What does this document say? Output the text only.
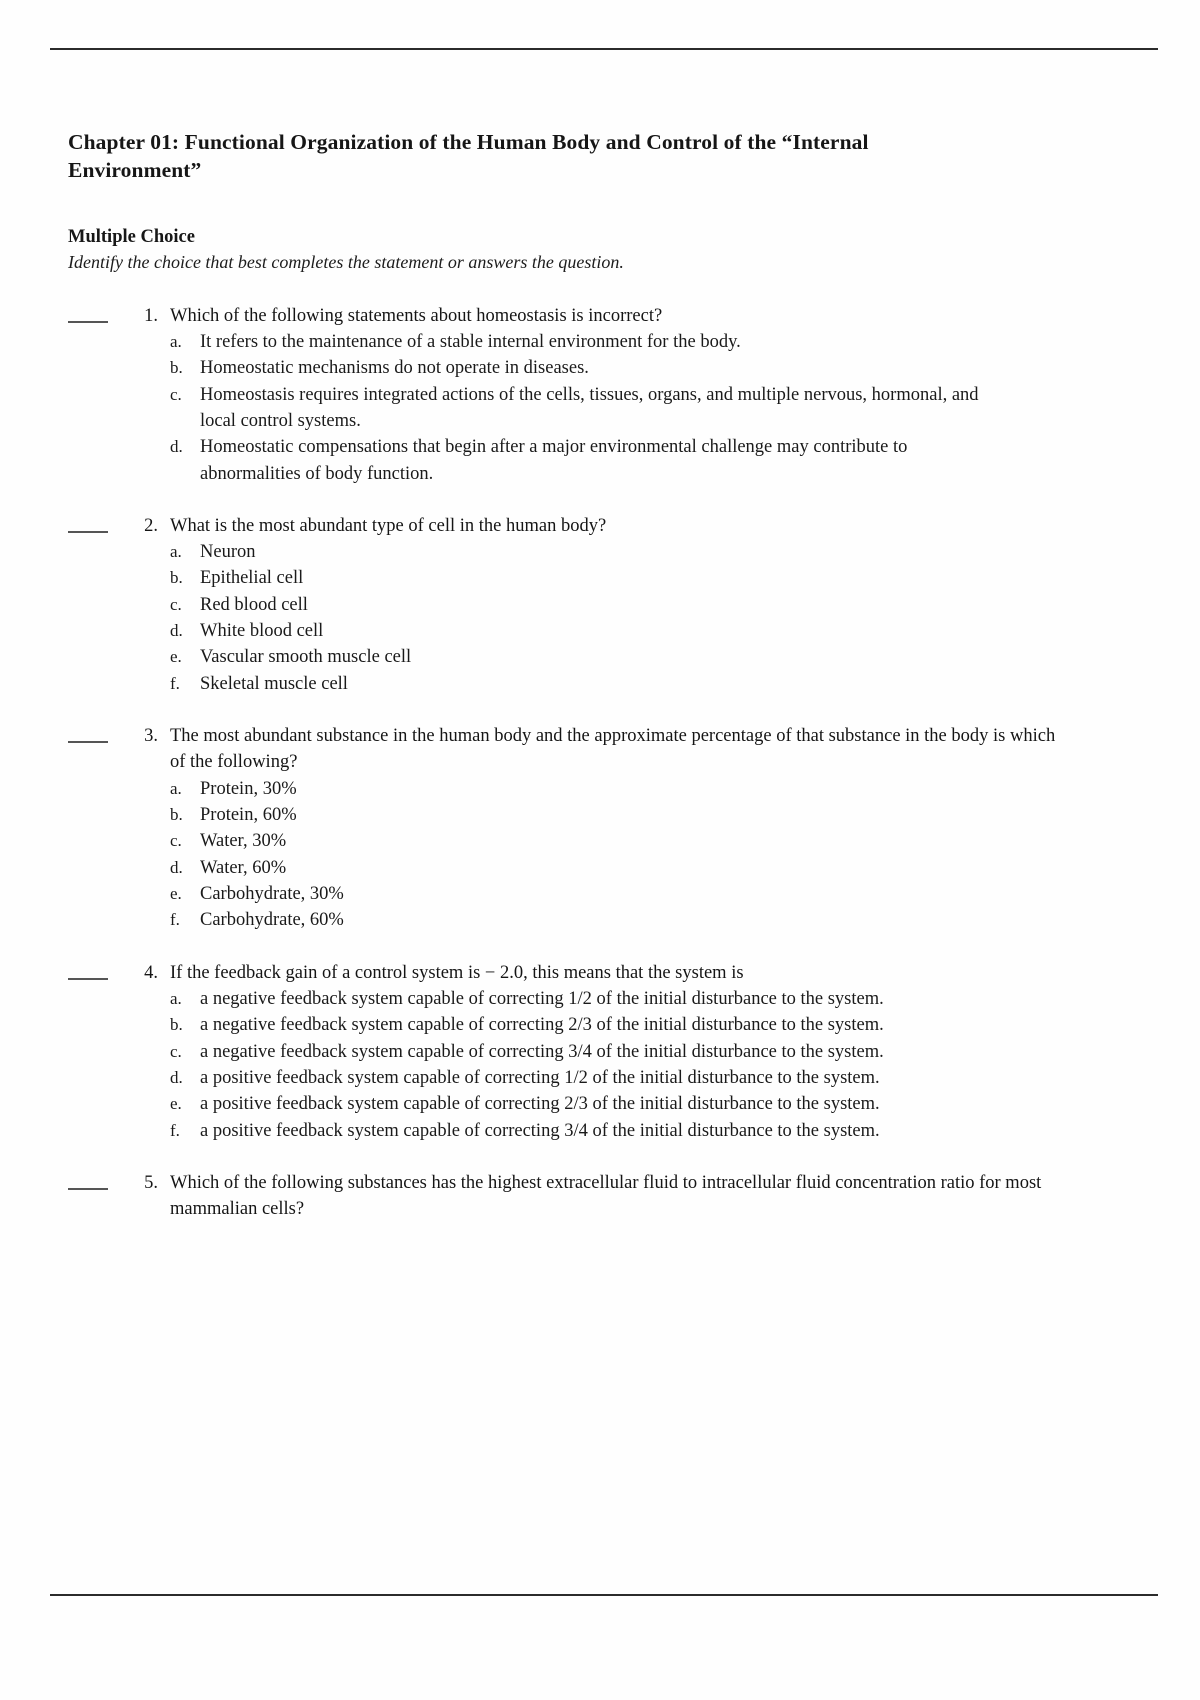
Chapter 01: Functional Organization of the Human Body and Control of the “Internal Environment”
Multiple Choice
Identify the choice that best completes the statement or answers the question.
1. Which of the following statements about homeostasis is incorrect?
a. It refers to the maintenance of a stable internal environment for the body.
b. Homeostatic mechanisms do not operate in diseases.
c. Homeostasis requires integrated actions of the cells, tissues, organs, and multiple nervous, hormonal, and local control systems.
d. Homeostatic compensations that begin after a major environmental challenge may contribute to abnormalities of body function.
2. What is the most abundant type of cell in the human body?
a. Neuron
b. Epithelial cell
c. Red blood cell
d. White blood cell
e. Vascular smooth muscle cell
f.	Skeletal muscle cell
3. The most abundant substance in the human body and the approximate percentage of that substance in the body is which of the following?
a. Protein, 30%
b. Protein, 60%
c. Water, 30%
d. Water, 60%
e. Carbohydrate, 30%
f.	Carbohydrate, 60%
4. If the feedback gain of a control system is − 2.0, this means that the system is
a. a negative feedback system capable of correcting 1/2 of the initial disturbance to the system.
b. a negative feedback system capable of correcting 2/3 of the initial disturbance to the system.
c. a negative feedback system capable of correcting 3/4 of the initial disturbance to the system.
d. a positive feedback system capable of correcting 1/2 of the initial disturbance to the system.
e. a positive feedback system capable of correcting 2/3 of the initial disturbance to the system.
f.	a positive feedback system capable of correcting 3/4 of the initial disturbance to the system.
5. Which of the following substances has the highest extracellular fluid to intracellular fluid concentration ratio for most mammalian cells?
